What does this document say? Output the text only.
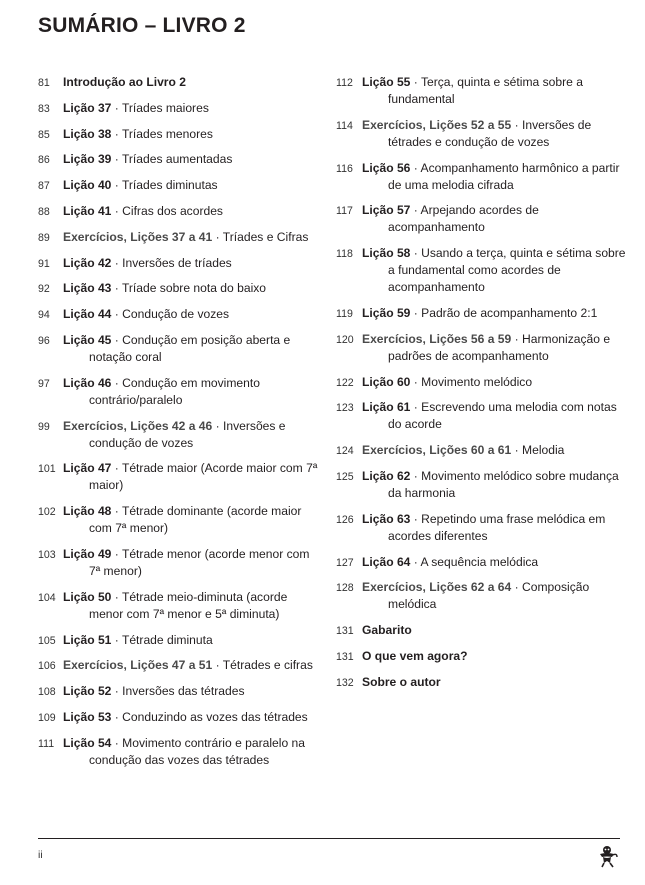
SUMÁRIO – LIVRO 2
81 Introdução ao Livro 2
83 Lição 37 · Tríades maiores
85 Lição 38 · Tríades menores
86 Lição 39 · Tríades aumentadas
87 Lição 40 · Tríades diminutas
88 Lição 41 · Cifras dos acordes
89 Exercícios, Lições 37 a 41 · Tríades e Cifras
91 Lição 42 · Inversões de tríades
92 Lição 43 · Tríade sobre nota do baixo
94 Lição 44 · Condução de vozes
96 Lição 45 · Condução em posição aberta e notação coral
97 Lição 46 · Condução em movimento contrário/paralelo
99 Exercícios, Lições 42 a 46 · Inversões e condução de vozes
101 Lição 47 · Tétrade maior (Acorde maior com 7ª maior)
102 Lição 48 · Tétrade dominante (acorde maior com 7ª menor)
103 Lição 49 · Tétrade menor (acorde menor com 7ª menor)
104 Lição 50 · Tétrade meio-diminuta (acorde menor com 7ª menor e 5ª diminuta)
105 Lição 51 · Tétrade diminuta
106 Exercícios, Lições 47 a 51 · Tétrades e cifras
108 Lição 52 · Inversões das tétrades
109 Lição 53 · Conduzindo as vozes das tétrades
111 Lição 54 · Movimento contrário e paralelo na condução das vozes das tétrades
112 Lição 55 · Terça, quinta e sétima sobre a fundamental
114 Exercícios, Lições 52 a 55 · Inversões de tétrades e condução de vozes
116 Lição 56 · Acompanhamento harmônico a partir de uma melodia cifrada
117 Lição 57 · Arpejando acordes de acompanhamento
118 Lição 58 · Usando a terça, quinta e sétima sobre a fundamental como acordes de acompanhamento
119 Lição 59 · Padrão de acompanhamento 2:1
120 Exercícios, Lições 56 a 59 · Harmonização e padrões de acompanhamento
122 Lição 60 · Movimento melódico
123 Lição 61 · Escrevendo uma melodia com notas do acorde
124 Exercícios, Lições 60 a 61 · Melodia
125 Lição 62 · Movimento melódico sobre mudança da harmonia
126 Lição 63 · Repetindo uma frase melódica em acordes diferentes
127 Lição 64 · A sequência melódica
128 Exercícios, Lições 62 a 64 · Composição melódica
131 Gabarito
131 O que vem agora?
132 Sobre o autor
ii
